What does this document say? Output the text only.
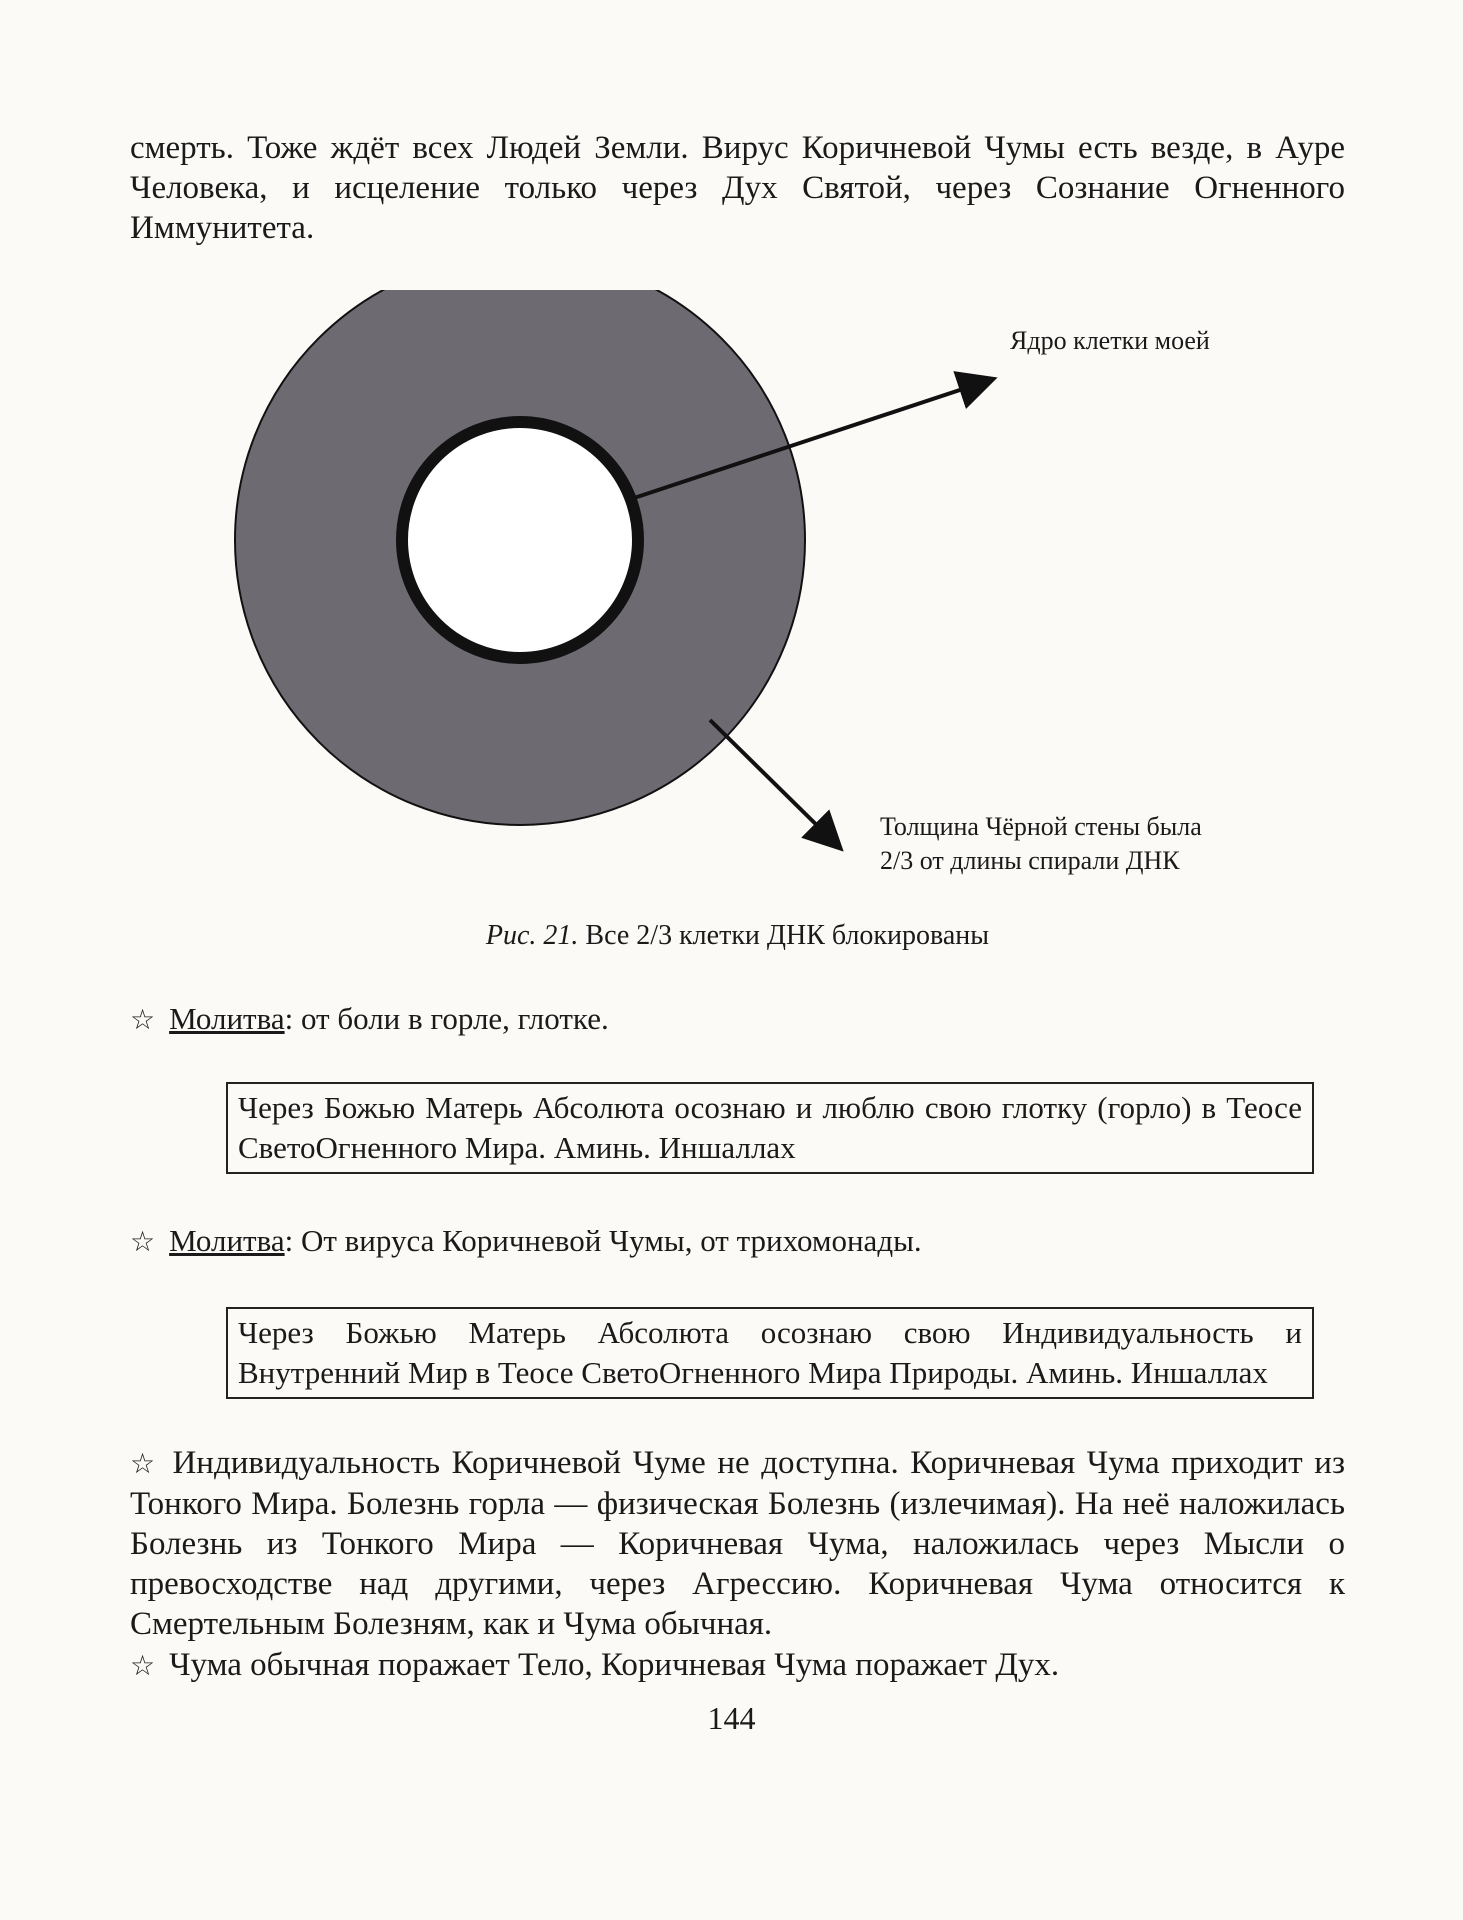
смерть. Тоже ждёт всех Людей Земли. Вирус Коричневой Чумы есть везде, в Ауре Человека, и исцеление только через Дух Святой, через Сознание Огненного Иммунитета.

Ядро клетки моей
Толщина Чёрной стены была
2/3 от длины спирали ДНК
Рис. 21. Все 2/3 клетки ДНК блокированы
☆ Молитва: от боли в горле, глотке.
Через Божью Матерь Абсолюта осознаю и люблю свою глотку (горло) в Теосе СветоОгненного Мира. Аминь. Иншаллах
☆ Молитва: От вируса Коричневой Чумы, от трихомонады.
Через Божью Матерь Абсолюта осознаю свою Индивидуальность и Внутренний Мир в Теосе СветоОгненного Мира Природы. Аминь. Иншаллах

☆ Индивидуальность Коричневой Чуме не доступна. Коричневая Чума приходит из Тонкого Мира. Болезнь горла — физическая Болезнь (излечимая). На неё наложилась Болезнь из Тонкого Мира — Коричневая Чума, наложилась через Мысли о превосходстве над другими, через Агрессию. Коричневая Чума относится к Смертельным Болезням, как и Чума обычная.

☆ Чума обычная поражает Тело, Коричневая Чума поражает Дух.

144
